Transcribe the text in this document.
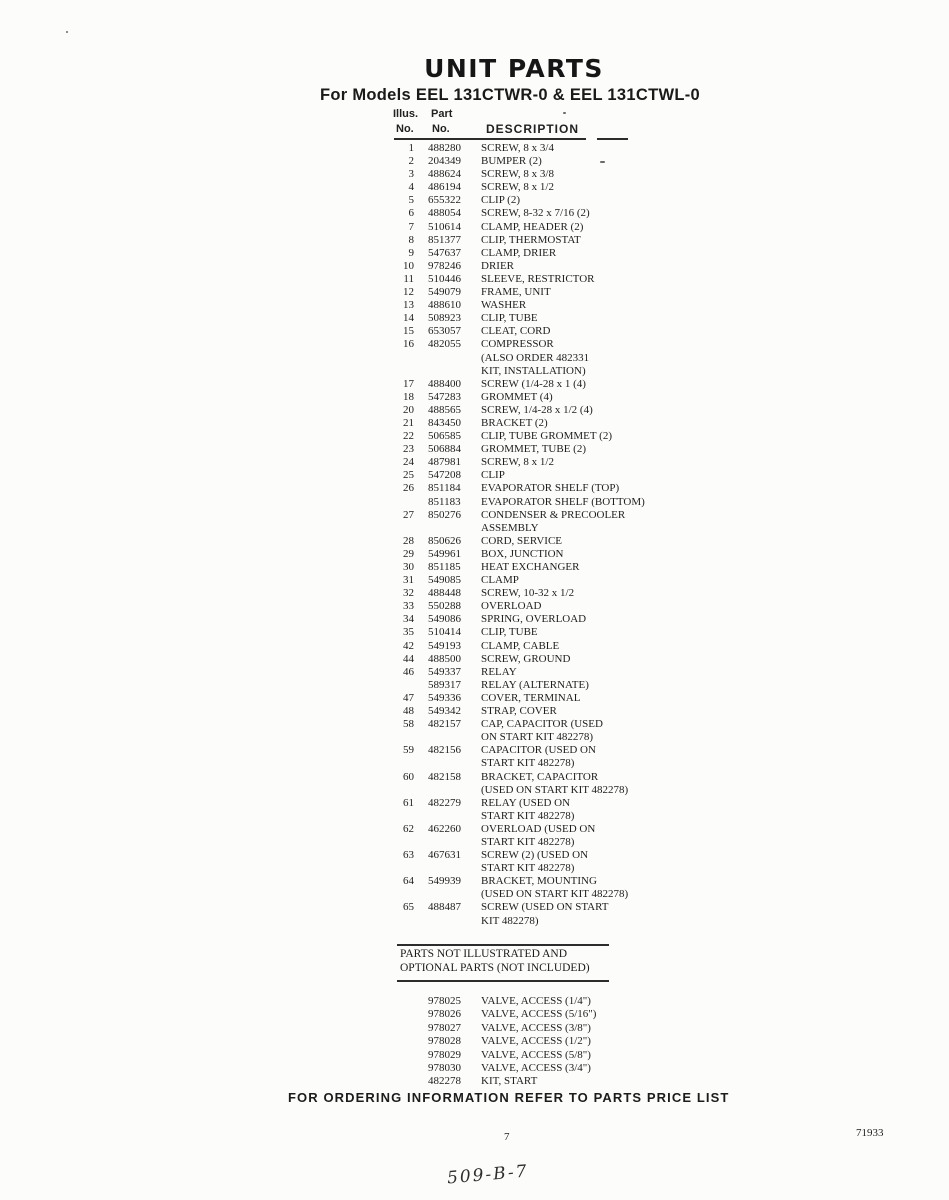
UNIT PARTS
For Models EEL 131CTWR-0 & EEL 131CTWL-0
Illus. Part
No. No.	DESCRIPTION
1 488280	SCREW, 8 x 3/4
2 204349	BUMPER (2)
3 488624	SCREW, 8 x 3/8
4 486194	SCREW, 8 x 1/2
5 655322	CLIP (2)
6 488054	SCREW, 8-32 x 7/16 (2)
7 510614	CLAMP, HEADER (2)
8 851377	CLIP, THERMOSTAT
9 547637	CLAMP, DRIER
10 978246	DRIER
11 510446	SLEEVE, RESTRICTOR
12 549079	FRAME, UNIT
13 488610	WASHER
14 508923	CLIP, TUBE
15 653057	CLEAT, CORD
16 482055	COMPRESSOR
(ALSO ORDER 482331
KIT, INSTALLATION)
17 488400	SCREW (1/4-28 x 1 (4)
18 547283	GROMMET (4)
20 488565	SCREW, 1/4-28 x 1/2 (4)
21 843450	BRACKET (2)
22 506585	CLIP, TUBE GROMMET (2)
23 506884	GROMMET, TUBE (2)
24 487981	SCREW, 8 x 1/2
25 547208	CLIP
26 851184	EVAPORATOR SHELF (TOP)
851183	EVAPORATOR SHELF (BOTTOM)
27 850276	CONDENSER & PRECOOLER
ASSEMBLY
28 850626	CORD, SERVICE
29 549961	BOX, JUNCTION
30 851185	HEAT EXCHANGER
31 549085	CLAMP
32 488448	SCREW, 10-32 x 1/2
33 550288	OVERLOAD
34 549086	SPRING, OVERLOAD
35 510414	CLIP, TUBE
42 549193	CLAMP, CABLE
44 488500	SCREW, GROUND
46 549337	RELAY
589317	RELAY (ALTERNATE)
47 549336	COVER, TERMINAL
48 549342	STRAP, COVER
58 482157	CAP, CAPACITOR (USED
ON START KIT 482278)
59 482156	CAPACITOR (USED ON
START KIT 482278)
60 482158	BRACKET, CAPACITOR
(USED ON START KIT 482278)
61 482279	RELAY (USED ON
START KIT 482278)
62 462260	OVERLOAD (USED ON
START KIT 482278)
63 467631	SCREW (2) (USED ON
START KIT 482278)
64 549939	BRACKET, MOUNTING
(USED ON START KIT 482278)
65 488487	SCREW (USED ON START
KIT 482278)
PARTS NOT ILLUSTRATED AND
OPTIONAL PARTS (NOT INCLUDED)
978025	VALVE, ACCESS (1/4")
978026	VALVE, ACCESS (5/16")
978027	VALVE, ACCESS (3/8")
978028	VALVE, ACCESS (1/2")
978029	VALVE, ACCESS (5/8")
978030	VALVE, ACCESS (3/4")
482278	KIT, START
FOR ORDERING INFORMATION REFER TO PARTS PRICE LIST
7	71933
509-B-7
